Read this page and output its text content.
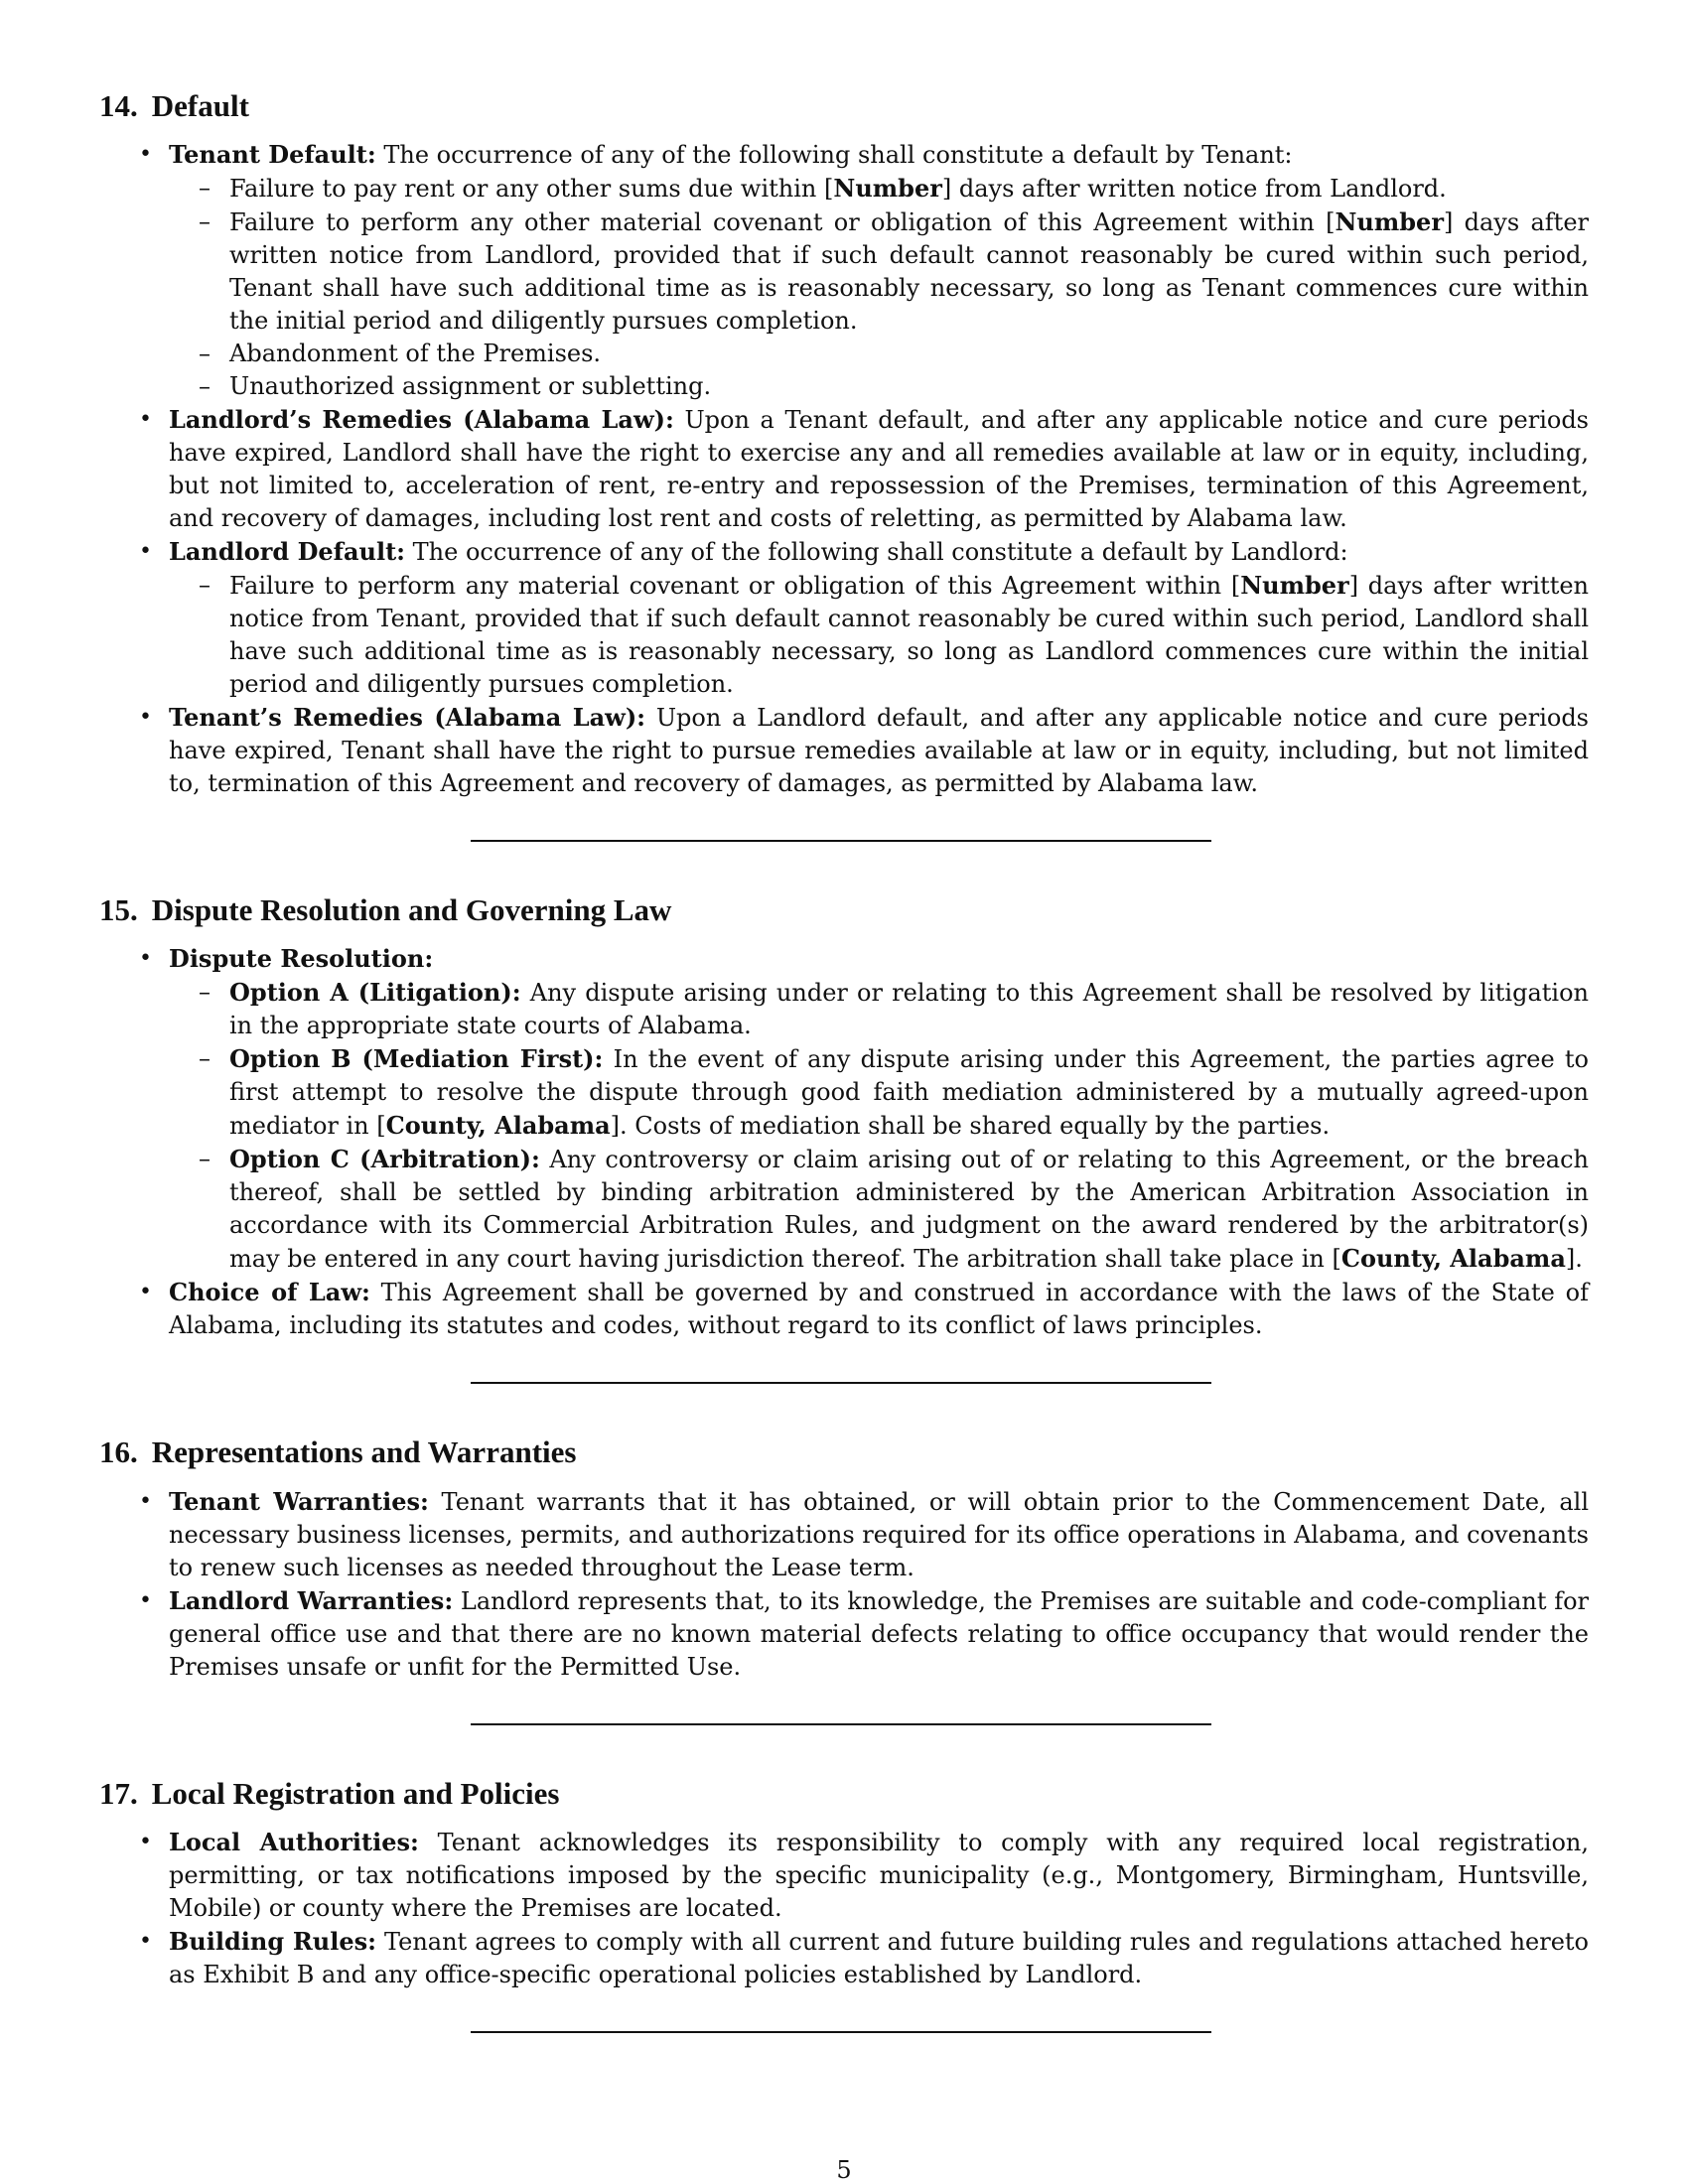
14. Default
• Tenant Default: The occurrence of any of the following shall constitute a default by Tenant:
– Failure to pay rent or any other sums due within [Number] days after written notice from Landlord.
– Failure to perform any other material covenant or obligation of this Agreement within [Number] days after written notice from Landlord, provided that if such default cannot reasonably be cured within such period, Tenant shall have such additional time as is reasonably necessary, so long as Tenant commences cure within the initial period and diligently pursues completion.
– Abandonment of the Premises.
– Unauthorized assignment or subletting.
• Landlord’s Remedies (Alabama Law): Upon a Tenant default, and after any applicable notice and cure periods have expired, Landlord shall have the right to exercise any and all remedies available at law or in equity, including, but not limited to, acceleration of rent, re-entry and repossession of the Premises, termination of this Agreement, and recovery of damages, including lost rent and costs of reletting, as permitted by Alabama law.
• Landlord Default: The occurrence of any of the following shall constitute a default by Landlord:
– Failure to perform any material covenant or obligation of this Agreement within [Number] days after written notice from Tenant, provided that if such default cannot reasonably be cured within such period, Landlord shall have such additional time as is reasonably necessary, so long as Landlord commences cure within the initial period and diligently pursues completion.
• Tenant’s Remedies (Alabama Law): Upon a Landlord default, and after any applicable notice and cure periods have expired, Tenant shall have the right to pursue remedies available at law or in equity, including, but not limited to, termination of this Agreement and recovery of damages, as permitted by Alabama law.
15. Dispute Resolution and Governing Law
• Dispute Resolution:
– Option A (Litigation): Any dispute arising under or relating to this Agreement shall be resolved by litigation in the appropriate state courts of Alabama.
– Option B (Mediation First): In the event of any dispute arising under this Agreement, the parties agree to first attempt to resolve the dispute through good faith mediation administered by a mutually agreed-upon mediator in [County, Alabama]. Costs of mediation shall be shared equally by the parties.
– Option C (Arbitration): Any controversy or claim arising out of or relating to this Agreement, or the breach thereof, shall be settled by binding arbitration administered by the American Arbitration Association in accordance with its Commercial Arbitration Rules, and judgment on the award rendered by the arbitrator(s) may be entered in any court having jurisdiction thereof. The arbitration shall take place in [County, Alabama].
• Choice of Law: This Agreement shall be governed by and construed in accordance with the laws of the State of Alabama, including its statutes and codes, without regard to its conflict of laws principles.
16. Representations and Warranties
• Tenant Warranties: Tenant warrants that it has obtained, or will obtain prior to the Commencement Date, all necessary business licenses, permits, and authorizations required for its office operations in Alabama, and covenants to renew such licenses as needed throughout the Lease term.
• Landlord Warranties: Landlord represents that, to its knowledge, the Premises are suitable and code-compliant for general office use and that there are no known material defects relating to office occupancy that would render the Premises unsafe or unfit for the Permitted Use.
17. Local Registration and Policies
• Local Authorities: Tenant acknowledges its responsibility to comply with any required local registration, permitting, or tax notifications imposed by the specific municipality (e.g., Montgomery, Birmingham, Huntsville, Mobile) or county where the Premises are located.
• Building Rules: Tenant agrees to comply with all current and future building rules and regulations attached hereto as Exhibit B and any office-specific operational policies established by Landlord.
5
